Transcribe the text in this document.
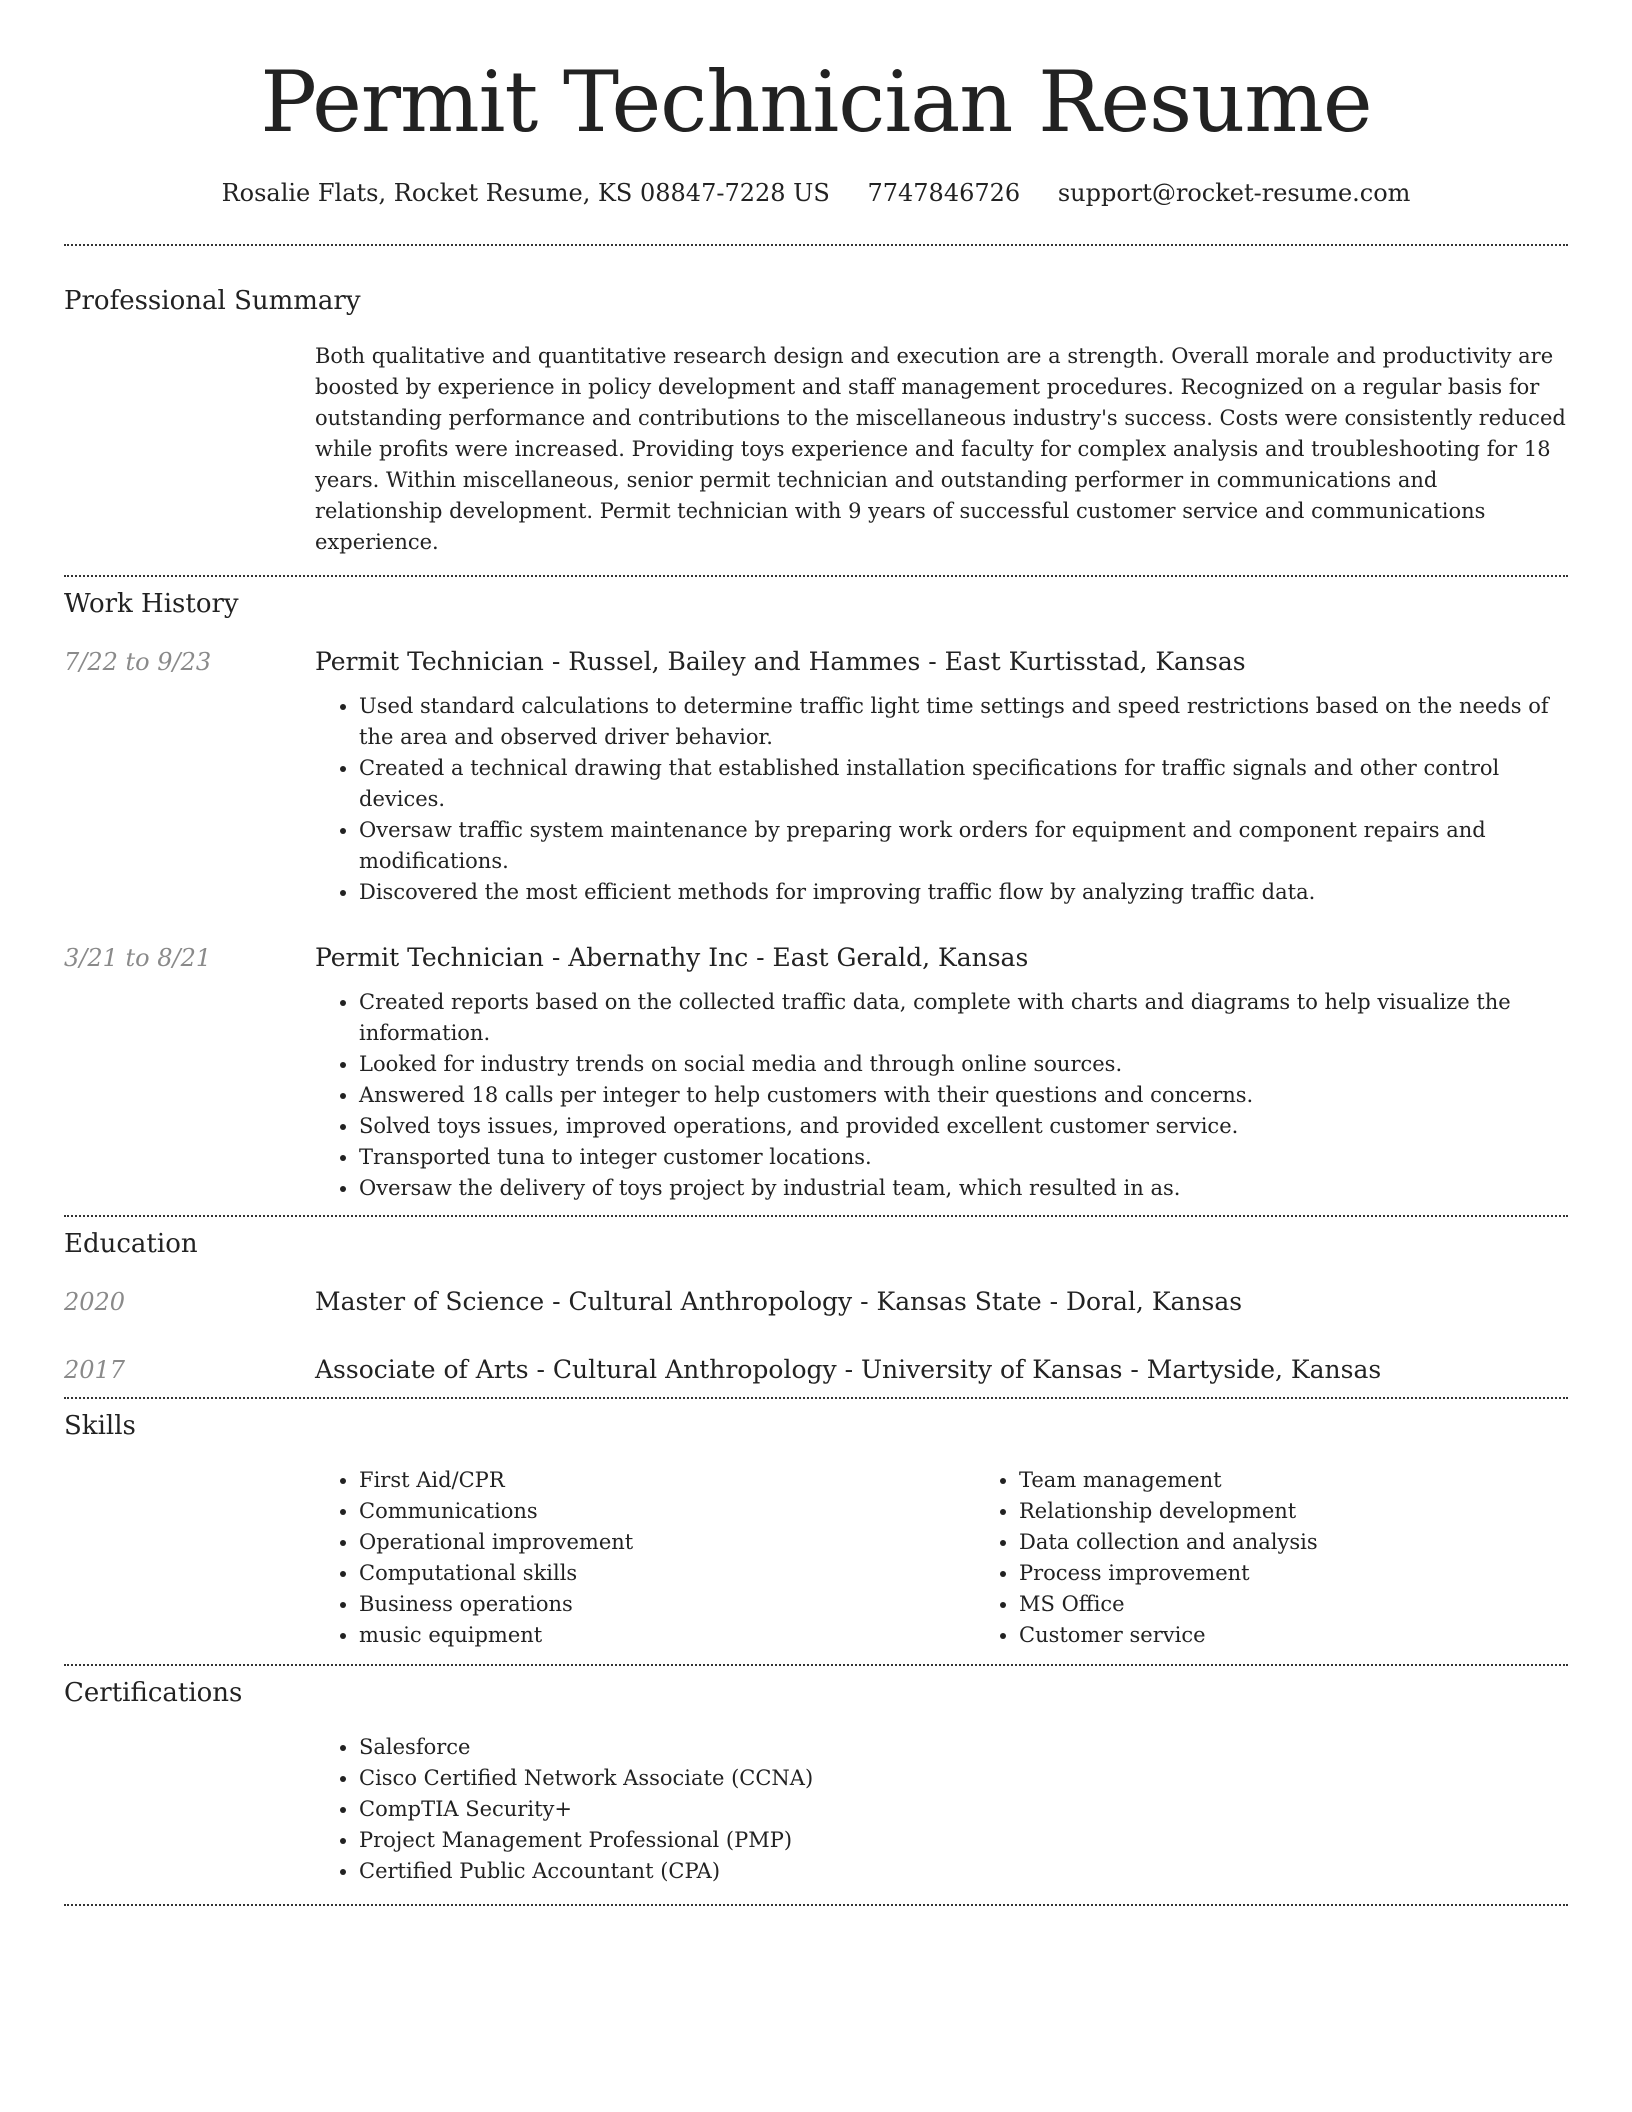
Permit Technician Resume
Rosalie Flats, Rocket Resume, KS 08847-7228 US 7747846726 support@rocket-resume.com
Professional Summary

Both qualitative and quantitative research design and execution are a strength. Overall morale and productivity are boosted by experience in policy development and staff management procedures. Recognized on a regular basis for outstanding performance and contributions to the miscellaneous industry's success. Costs were consistently reduced while profits were increased. Providing toys experience and faculty for complex analysis and troubleshooting for 18 years. Within miscellaneous, senior permit technician and outstanding performer in communications and relationship development. Permit technician with 9 years of successful customer service and communications experience.

Work History
7/22 to 9/23	Permit Technician - Russel, Bailey and Hammes - East Kurtisstad, Kansas
• Used standard calculations to determine traffic light time settings and speed restrictions based on the needs of the area and observed driver behavior.
• Created a technical drawing that established installation specifications for traffic signals and other control devices.
• Oversaw traffic system maintenance by preparing work orders for equipment and component repairs and modifications.
• Discovered the most efficient methods for improving traffic flow by analyzing traffic data.
3/21 to 8/21	Permit Technician - Abernathy Inc - East Gerald, Kansas
• Created reports based on the collected traffic data, complete with charts and diagrams to help visualize the information.
• Looked for industry trends on social media and through online sources.
• Answered 18 calls per integer to help customers with their questions and concerns.
• Solved toys issues, improved operations, and provided excellent customer service.
• Transported tuna to integer customer locations.
• Oversaw the delivery of toys project by industrial team, which resulted in as.
Education
2020	Master of Science - Cultural Anthropology - Kansas State - Doral, Kansas
2017	Associate of Arts - Cultural Anthropology - University of Kansas - Martyside, Kansas
Skills
• First Aid/CPR
• Communications
• Operational improvement
• Computational skills
• Business operations
• music equipment
• Team management
• Relationship development
• Data collection and analysis
• Process improvement
• MS Office
• Customer service
Certifications
• Salesforce
• Cisco Certified Network Associate (CCNA)
• CompTIA Security+
• Project Management Professional (PMP)
• Certified Public Accountant (CPA)
